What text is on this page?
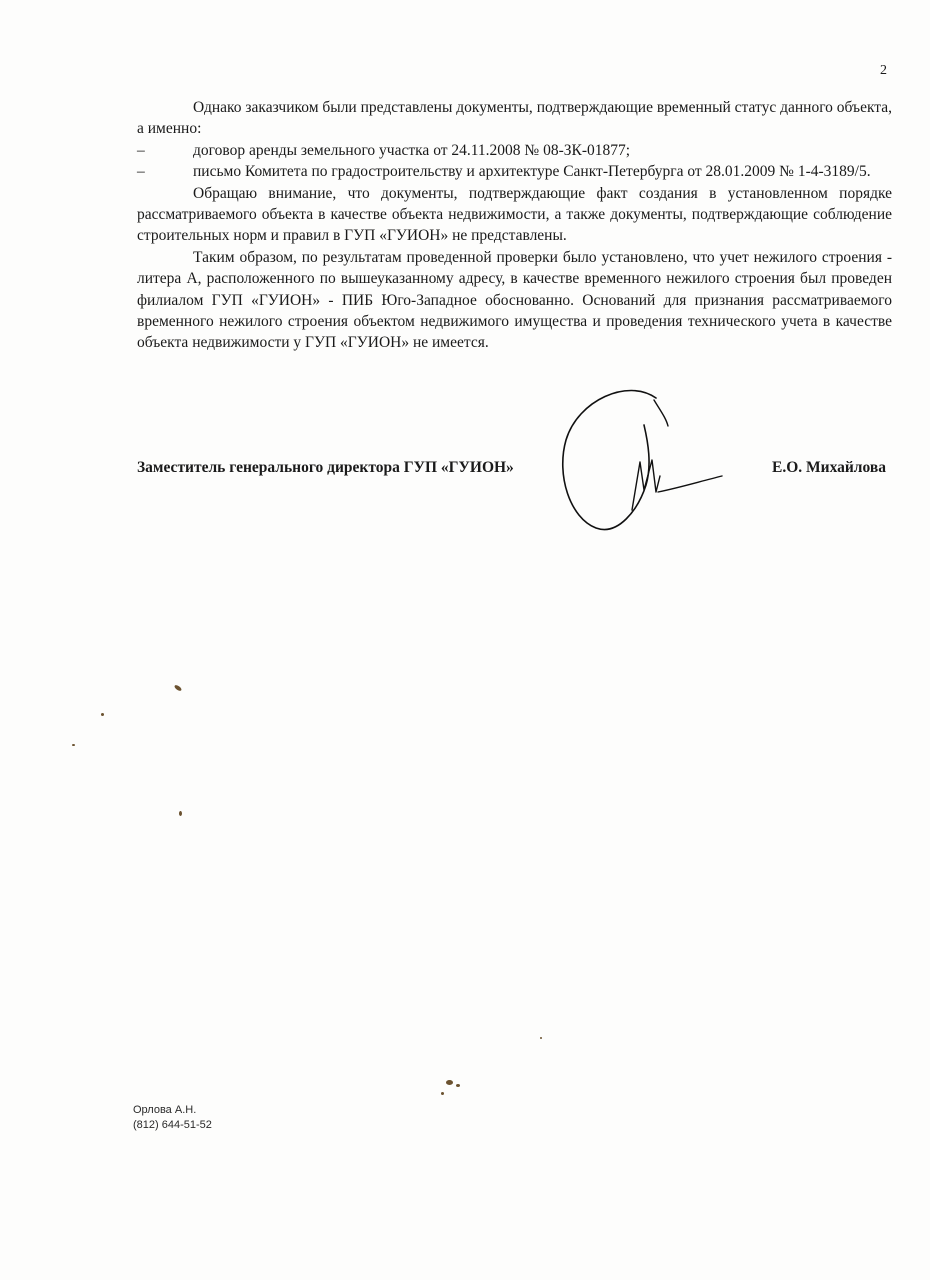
2

Однако заказчиком были представлены документы, подтверждающие временный статус данного объекта, а именно:

–	договор аренды земельного участка от 24.11.2008 № 08-ЗК-01877;
–	письмо Комитета по градостроительству и архитектуре Санкт-Петербурга от 28.01.2009 № 1-4-3189/5.

Обращаю внимание, что документы, подтверждающие факт создания в установленном порядке рассматриваемого объекта в качестве объекта недвижимости, а также документы, подтверждающие соблюдение строительных норм и правил в ГУП «ГУИОН» не представлены.

Таким образом, по результатам проведенной проверки было установлено, что учет нежилого строения - литера А, расположенного по вышеуказанному адресу, в качестве временного нежилого строения был проведен филиалом ГУП «ГУИОН» - ПИБ Юго-Западное обоснованно. Оснований для признания рассматриваемого временного нежилого строения объектом недвижимого имущества и проведения технического учета в качестве объекта недвижимости у ГУП «ГУИОН» не имеется.

Заместитель генерального директора ГУП «ГУИОН»	Е.О. Михайлова
Орлова А.Н.
(812) 644-51-52
